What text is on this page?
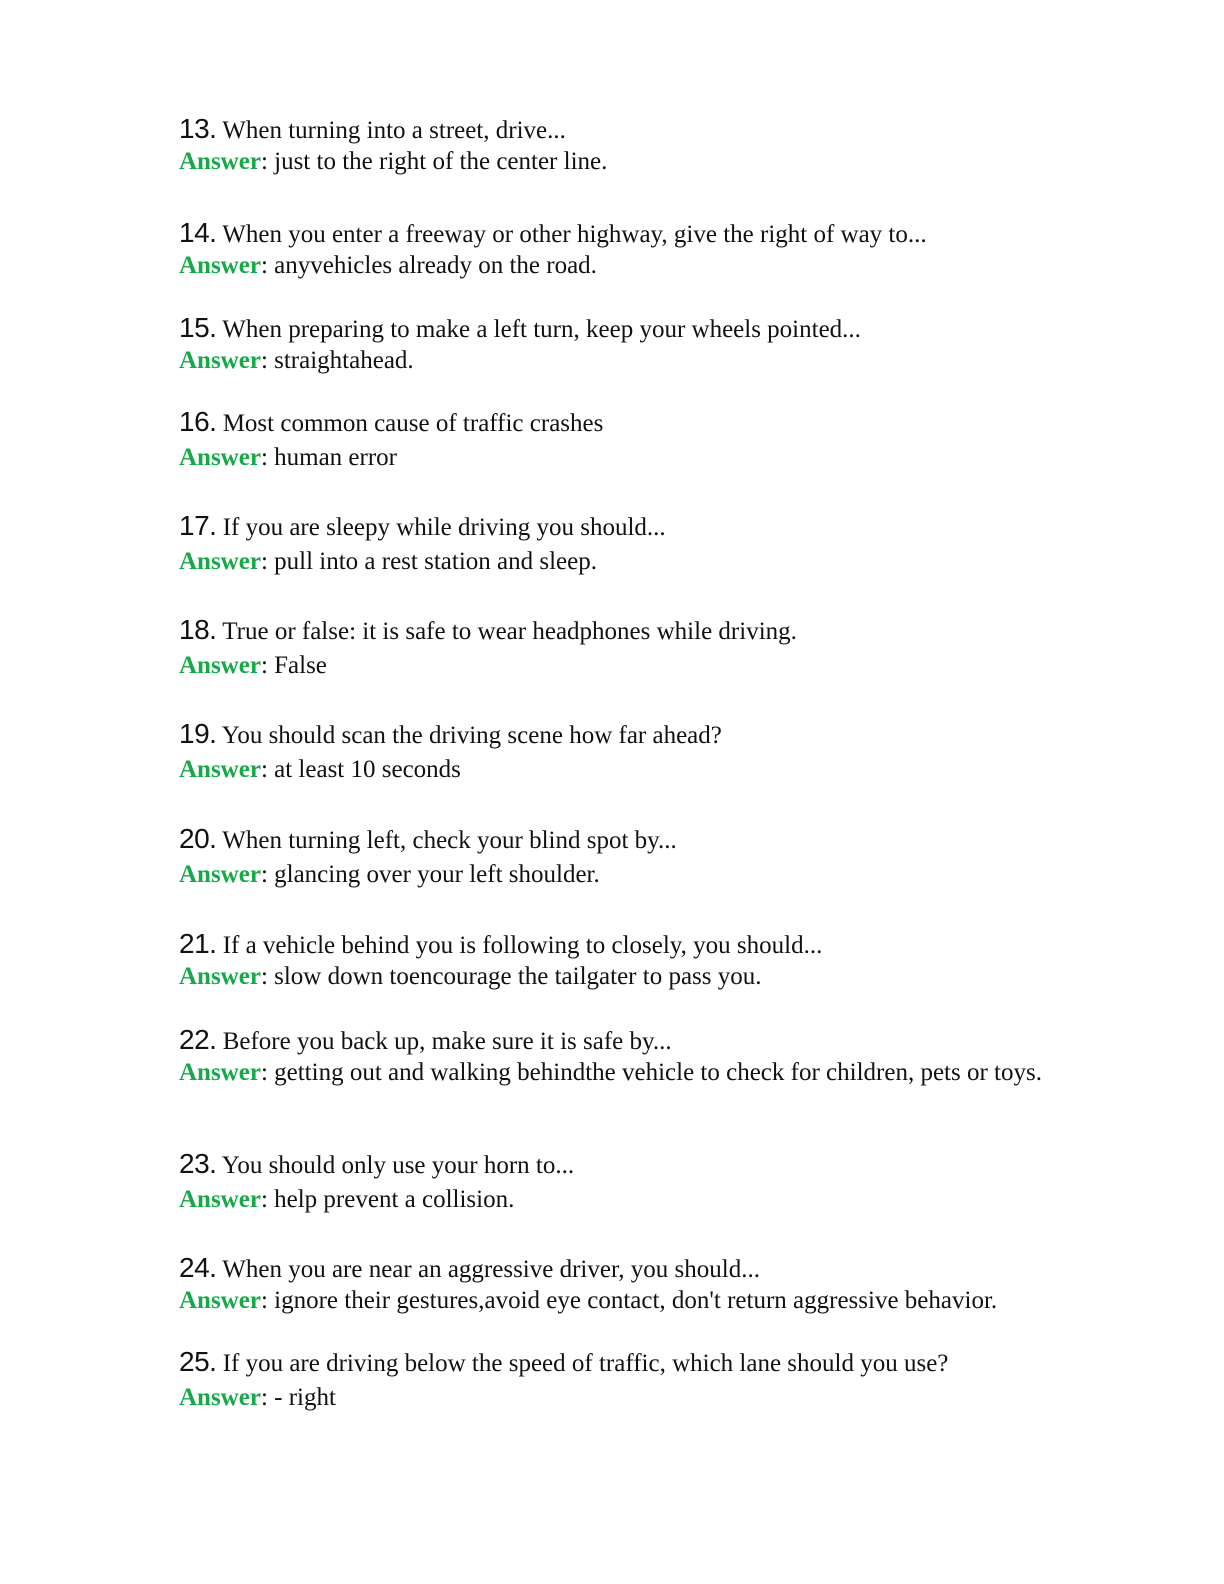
13. When turning into a street, drive...
Answer: just to the right of the center line.
14. When you enter a freeway or other highway, give the right of way to...
Answer: anyvehicles already on the road.
15. When preparing to make a left turn, keep your wheels pointed...
Answer: straightahead.
16. Most common cause of traffic crashes
Answer: human error
17. If you are sleepy while driving you should...
Answer: pull into a rest station and sleep.
18. True or false: it is safe to wear headphones while driving.
Answer: False
19. You should scan the driving scene how far ahead?
Answer: at least 10 seconds
20. When turning left, check your blind spot by...
Answer: glancing over your left shoulder.
21. If a vehicle behind you is following to closely, you should...
Answer: slow down toencourage the tailgater to pass you.
22. Before you back up, make sure it is safe by...
Answer: getting out and walking behindthe vehicle to check for children, pets or toys.
23. You should only use your horn to...
Answer: help prevent a collision.
24. When you are near an aggressive driver, you should...
Answer: ignore their gestures,avoid eye contact, don't return aggressive behavior.
25. If you are driving below the speed of traffic, which lane should you use?
Answer: - right
